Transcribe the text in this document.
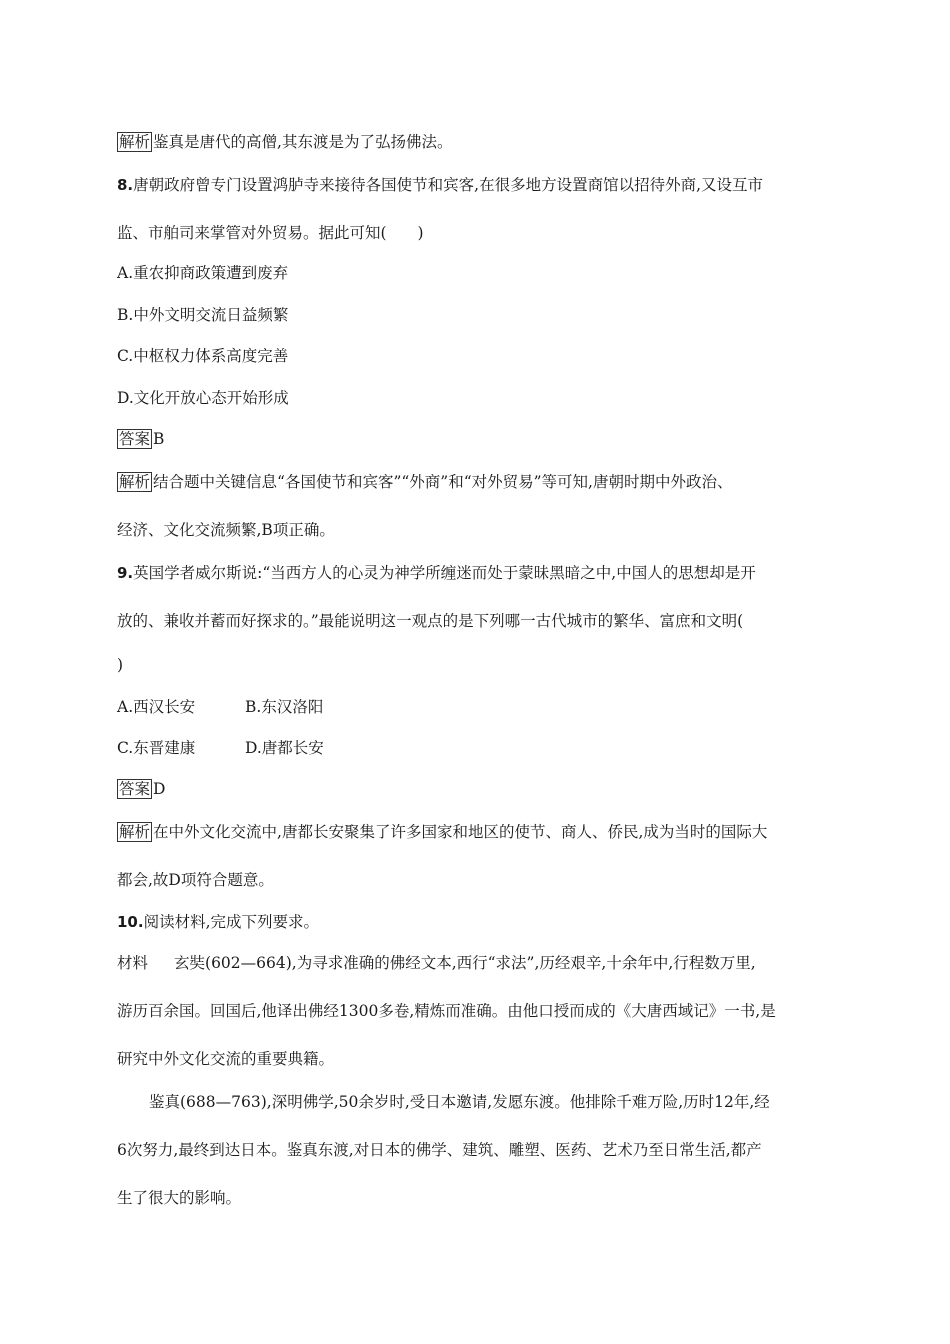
解析 鉴真是唐代的高僧,其东渡是为了弘扬佛法。
8.唐朝政府曾专门设置鸿胪寺来接待各国使节和宾客,在很多地方设置商馆以招待外商,又设互市
监、市舶司来掌管对外贸易。据此可知(　　)
A.重农抑商政策遭到废弃
B.中外文明交流日益频繁
C.中枢权力体系高度完善
D.文化开放心态开始形成
答案 B
解析 结合题中关键信息“各国使节和宾客”“外商”和“对外贸易”等可知,唐朝时期中外政治、
经济、文化交流频繁,B项正确。
9.英国学者威尔斯说:“当西方人的心灵为神学所缠迷而处于蒙昧黑暗之中,中国人的思想却是开
放的、兼收并蓄而好探求的。”最能说明这一观点的是下列哪一古代城市的繁华、富庶和文明(
)
A.西汉长安	B.东汉洛阳
C.东晋建康	D.唐都长安
答案 D
解析 在中外文化交流中,唐都长安聚集了许多国家和地区的使节、商人、侨民,成为当时的国际大
都会,故D项符合题意。
10.阅读材料,完成下列要求。
材料 玄奘(602—664),为寻求准确的佛经文本,西行“求法”,历经艰辛,十余年中,行程数万里,
游历百余国。回国后,他译出佛经1300多卷,精炼而准确。由他口授而成的《大唐西域记》一书,是
研究中外文化交流的重要典籍。
鉴真(688—763),深明佛学,50余岁时,受日本邀请,发愿东渡。他排除千难万险,历时12年,经
6次努力,最终到达日本。鉴真东渡,对日本的佛学、建筑、雕塑、医药、艺术乃至日常生活,都产
生了很大的影响。
